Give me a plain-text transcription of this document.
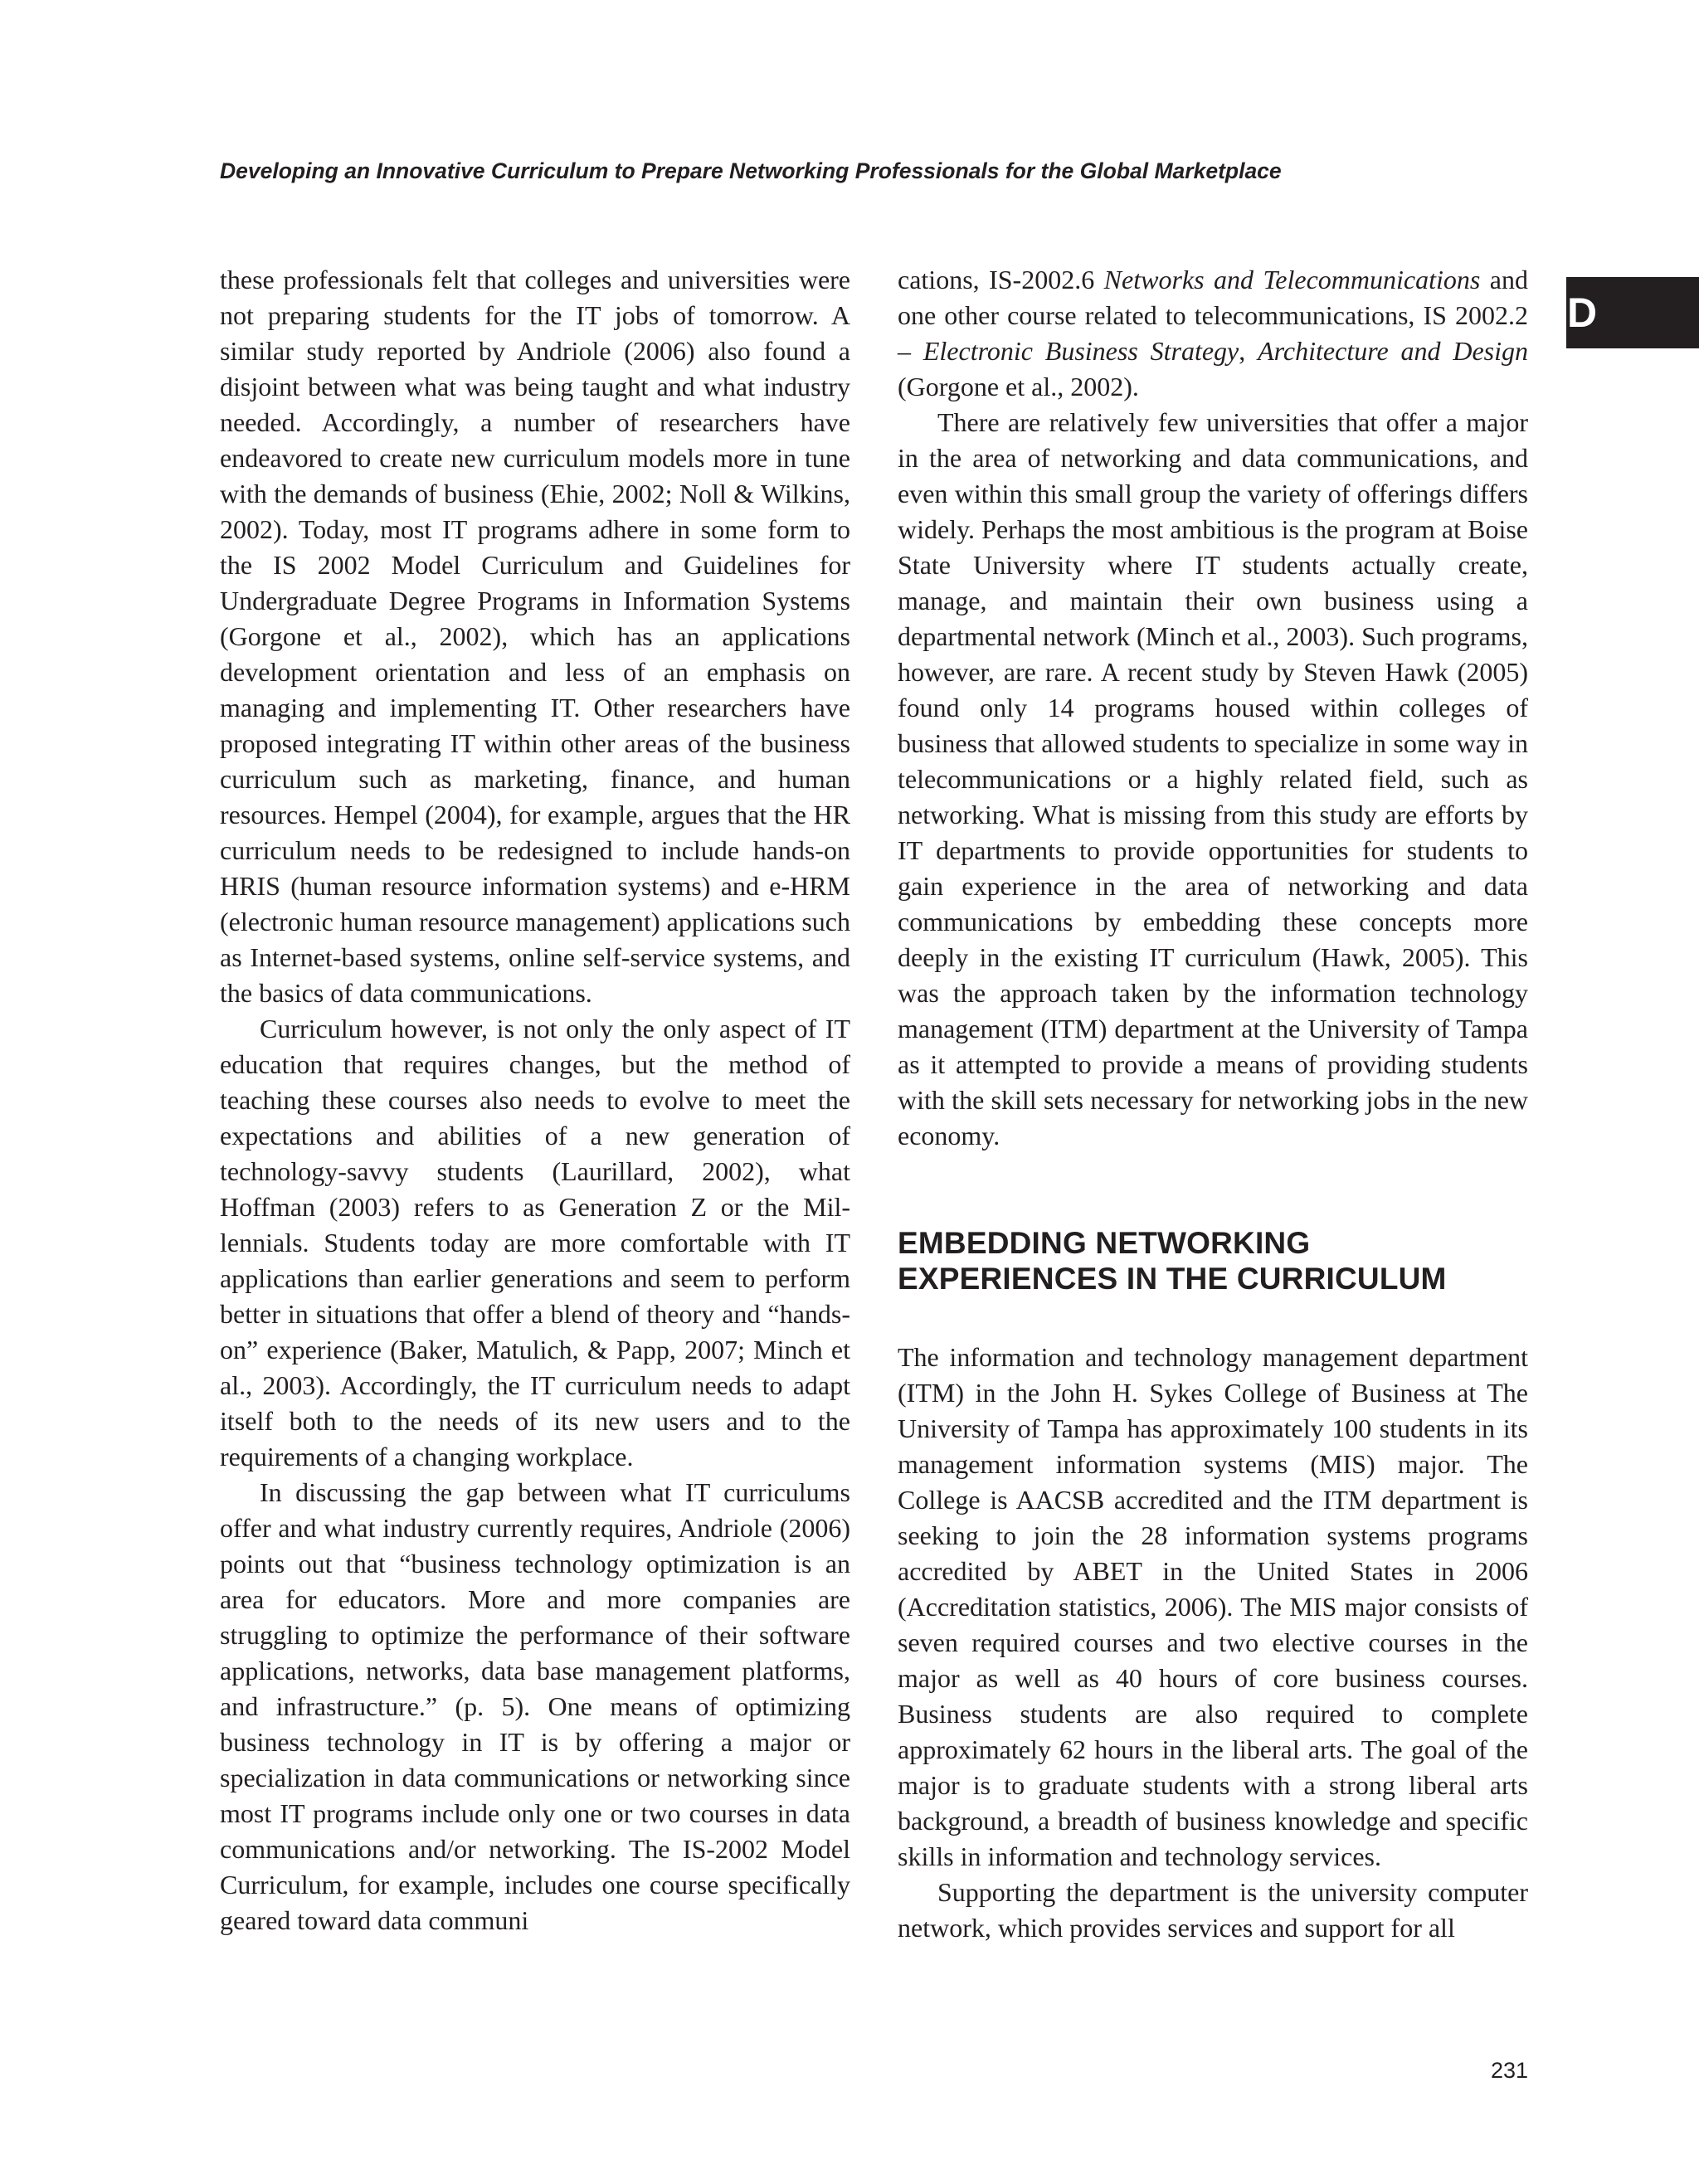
Developing an Innovative Curriculum to Prepare Networking Professionals for the Global Marketplace
D

these professionals felt that colleges and universities were not preparing students for the IT jobs of tomorrow. A similar study reported by Andriole (2006) also found a disjoint between what was being taught and what industry needed. Accordingly, a number of researchers have endeavored to create new curriculum models more in tune with the demands of business (Ehie, 2002; Noll & Wilkins, 2002). Today, most IT programs adhere in some form to the IS 2002 Model Curriculum and Guidelines for Undergraduate Degree Programs in Information Systems (Gorgone et al., 2002), which has an applications development orientation and less of an emphasis on managing and implementing IT. Other researchers have proposed integrating IT within other areas of the business curriculum such as marketing, finance, and human resources. Hempel (2004), for example, argues that the HR curriculum needs to be redesigned to include hands-on HRIS (human resource information systems) and e-HRM (electronic human resource management) applications such as Internet-based systems, online self-service systems, and the basics of data communications.

Curriculum however, is not only the only aspect of IT education that requires changes, but the method of teaching these courses also needs to evolve to meet the expectations and abilities of a new generation of technology-savvy students (Laurillard, 2002), what Hoffman (2003) refers to as Generation Z or the Millennials. Students today are more comfortable with IT applications than earlier generations and seem to perform better in situations that offer a blend of theory and “hands-on” experience (Baker, Matulich, & Papp, 2007; Minch et al., 2003). Accordingly, the IT curriculum needs to adapt itself both to the needs of its new users and to the requirements of a changing workplace.

In discussing the gap between what IT curriculums offer and what industry currently requires, Andriole (2006) points out that “business technology optimization is an area for educators. More and more companies are struggling to optimize the performance of their software applications, networks, data base management platforms, and infrastructure.” (p. 5). One means of optimizing business technology in IT is by offering a major or specialization in data communications or networking since most IT programs include only one or two courses in data communications and/or networking. The IS-2002 Model Curriculum, for example, includes one course specifically geared toward data communi

cations, IS-2002.6 Networks and Telecommunications and one other course related to telecommunications, IS 2002.2 – Electronic Business Strategy, Architecture and Design (Gorgone et al., 2002).

There are relatively few universities that offer a major in the area of networking and data communications, and even within this small group the variety of offerings differs widely. Perhaps the most ambitious is the program at Boise State University where IT students actually create, manage, and maintain their own business using a departmental network (Minch et al., 2003). Such programs, however, are rare. A recent study by Steven Hawk (2005) found only 14 programs housed within colleges of business that allowed students to specialize in some way in telecommunications or a highly related field, such as networking. What is missing from this study are efforts by IT departments to provide opportunities for students to gain experience in the area of networking and data communications by embedding these concepts more deeply in the existing IT curriculum (Hawk, 2005). This was the approach taken by the information technology management (ITM) department at the University of Tampa as it attempted to provide a means of providing students with the skill sets necessary for networking jobs in the new economy.

EMBEDDING NETWORKING
EXPERIENCES IN THE CURRICULUM

The information and technology management department (ITM) in the John H. Sykes College of Business at The University of Tampa has approximately 100 students in its management information systems (MIS) major. The College is AACSB accredited and the ITM department is seeking to join the 28 information systems programs accredited by ABET in the United States in 2006 (Accreditation statistics, 2006). The MIS major consists of seven required courses and two elective courses in the major as well as 40 hours of core business courses. Business students are also required to complete approximately 62 hours in the liberal arts. The goal of the major is to graduate students with a strong liberal arts background, a breadth of business knowledge and specific skills in information and technology services.

Supporting the department is the university computer network, which provides services and support for all

231
